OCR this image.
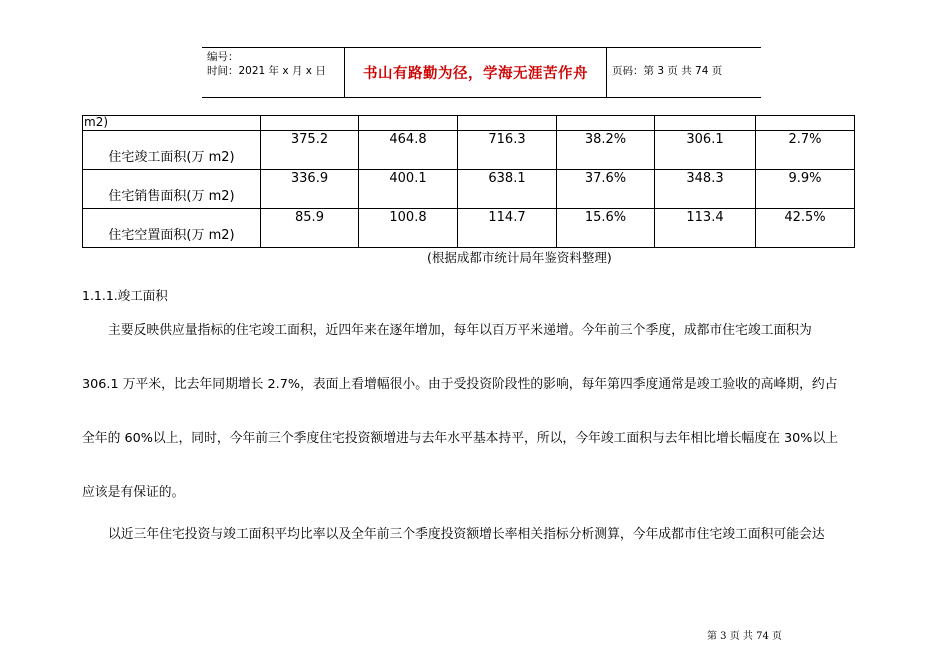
编号：
时间：2021 年 x 月 x 日	书山有路勤为径，学海无涯苦作舟	页码：第 3 页 共 74 页
m2)						
住宅竣工面积(万 m2)	375.2	464.8	716.3	38.2%	306.1	2.7%
住宅销售面积(万 m2)	336.9	400.1	638.1	37.6%	348.3	9.9%
住宅空置面积(万 m2)	85.9	100.8	114.7	15.6%	113.4	42.5%
(根据成都市统计局年鉴资料整理)
1.1.1.竣工面积
主要反映供应量指标的住宅竣工面积，近四年来在逐年增加，每年以百万平米递增。今年前三个季度，成都市住宅竣工面积为
306.1 万平米，比去年同期增长 2.7%，表面上看增幅很小。由于受投资阶段性的影响，每年第四季度通常是竣工验收的高峰期，约占
全年的 60%以上，同时，今年前三个季度住宅投资额增进与去年水平基本持平，所以，今年竣工面积与去年相比增长幅度在 30%以上
应该是有保证的。
以近三年住宅投资与竣工面积平均比率以及全年前三个季度投资额增长率相关指标分析测算，今年成都市住宅竣工面积可能会达
第 3 页 共 74 页
